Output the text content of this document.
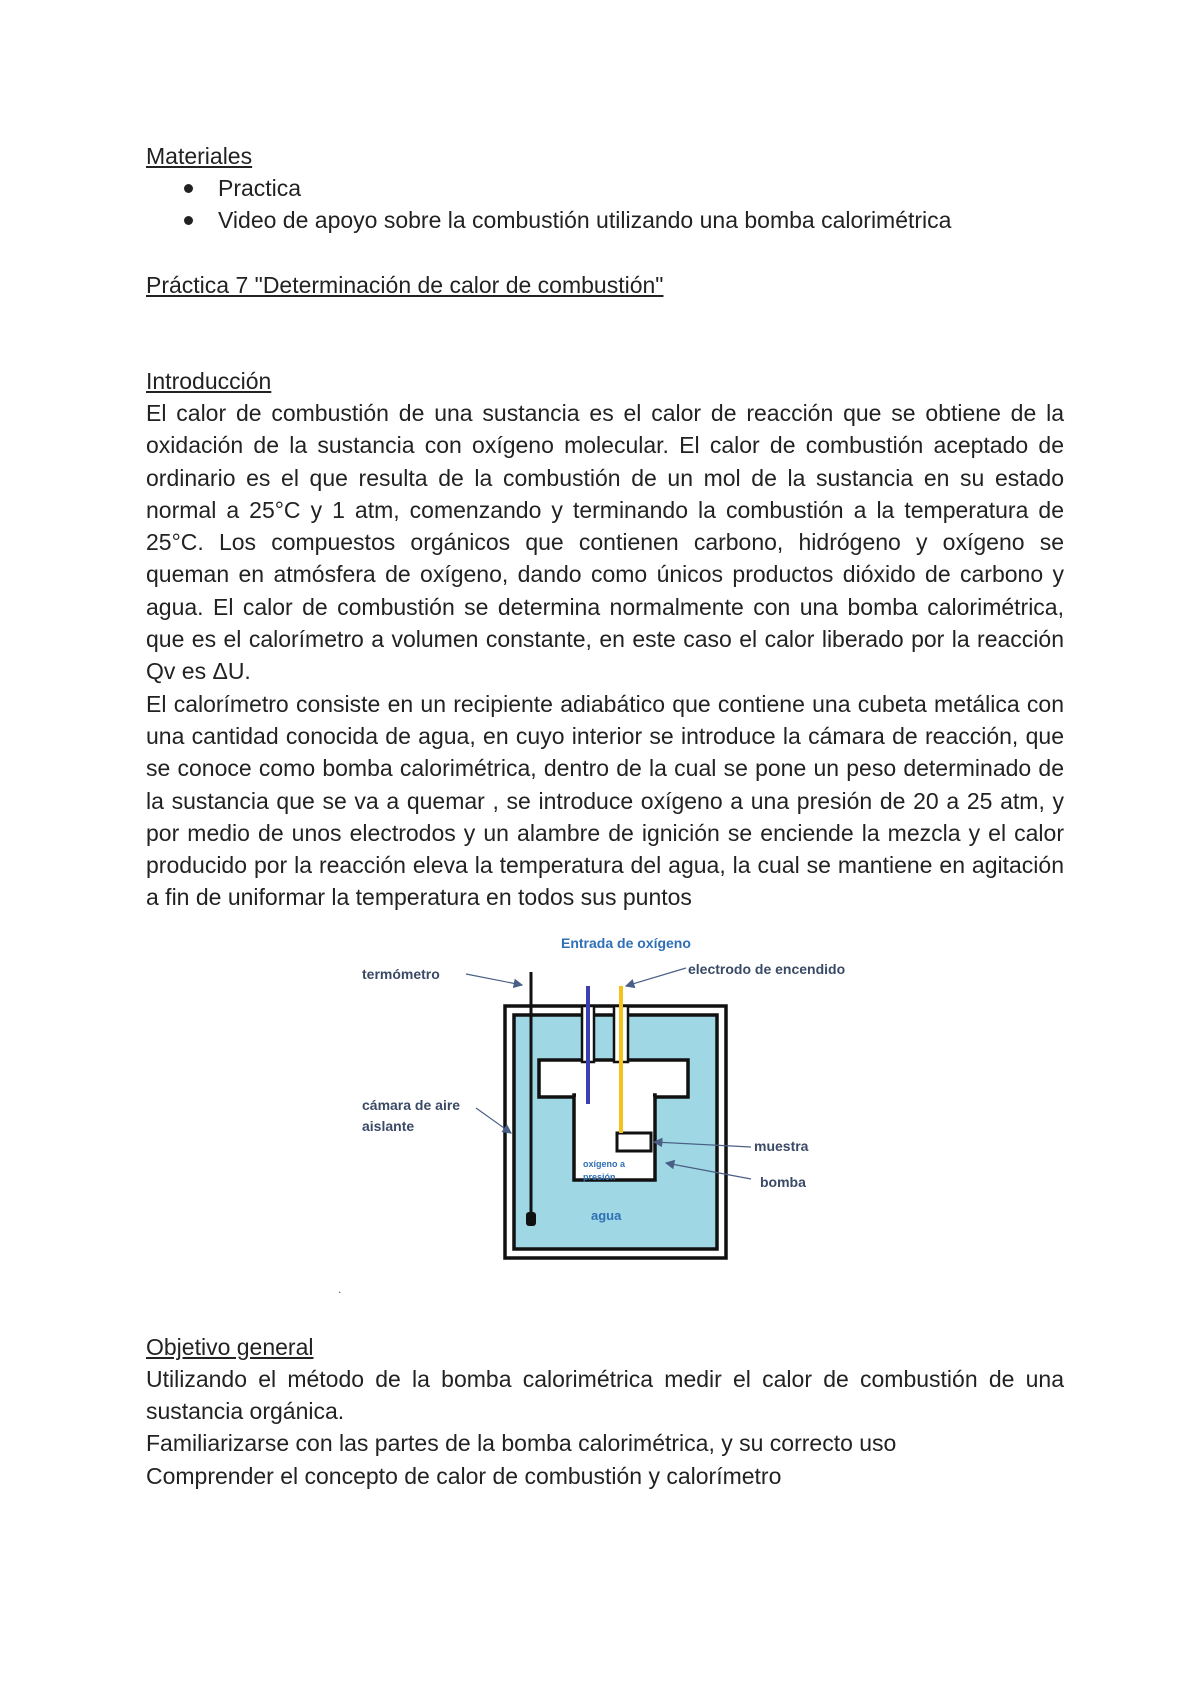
Materiales

Practica
Video de apoyo sobre la combustión utilizando una bomba calorimétrica

Práctica 7 "Determinación de calor de combustión"

Introducción

El calor de combustión de una sustancia es el calor de reacción que se obtiene de la oxidación de la sustancia con oxígeno molecular. El calor de combustión aceptado de ordinario es el que resulta de la combustión de un mol de la sustancia en su estado normal a 25°C y 1 atm, comenzando y terminando la combustión a la temperatura de 25°C. Los compuestos orgánicos que contienen carbono, hidrógeno y oxígeno se queman en atmósfera de oxígeno, dando como únicos productos dióxido de carbono y agua. El calor de combustión se determina normalmente con una bomba calorimétrica, que es el calorímetro a volumen constante, en este caso el calor liberado por la reacción Qv es ΔU.

El calorímetro consiste en un recipiente adiabático que contiene una cubeta metálica con una cantidad conocida de agua, en cuyo interior se introduce la cámara de reacción, que se conoce como bomba calorimétrica, dentro de la cual se pone un peso determinado de la sustancia que se va a quemar , se introduce oxígeno a una presión de 20 a 25 atm, y por medio de unos electrodos y un alambre de ignición se enciende la mezcla y el calor producido por la reacción eleva la temperatura del agua, la cual se mantiene en agitación a fin de uniformar la temperatura en todos sus puntos

Entrada de oxígeno
termómetro	electrodo de encendido
cámara de aire
aislante
muestra
bomba
oxígeno a
presión
agua
.

Objetivo general

Utilizando el método de la bomba calorimétrica medir el calor de combustión de una sustancia orgánica.

Familiarizarse con las partes de la bomba calorimétrica, y su correcto uso

Comprender el concepto de calor de combustión y calorímetro
